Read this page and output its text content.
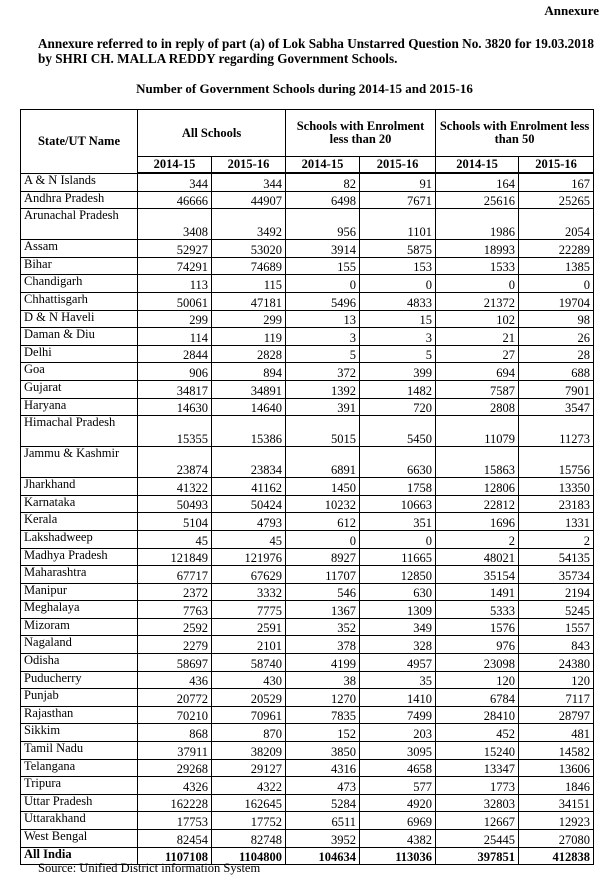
Annexure
Annexure referred to in reply of part (a) of Lok Sabha Unstarred Question No. 3820 for 19.03.2018 by SHRI CH. MALLA REDDY regarding Government Schools.
Number of Government Schools during 2014-15 and 2015-16
State/UT Name	All Schools		Schools with Enrolment less than 20		Schools with Enrolment less than 50	
	2014-15	2015-16	2014-15	2015-16	2014-15	2015-16
A & N Islands	344	344	82	91	164	167
Andhra Pradesh	46666	44907	6498	7671	25616	25265
Arunachal Pradesh	3408	3492	956	1101	1986	2054
Assam	52927	53020	3914	5875	18993	22289
Bihar	74291	74689	155	153	1533	1385
Chandigarh	113	115	0	0	0	0
Chhattisgarh	50061	47181	5496	4833	21372	19704
D & N Haveli	299	299	13	15	102	98
Daman & Diu	114	119	3	3	21	26
Delhi	2844	2828	5	5	27	28
Goa	906	894	372	399	694	688
Gujarat	34817	34891	1392	1482	7587	7901
Haryana	14630	14640	391	720	2808	3547
Himachal Pradesh	15355	15386	5015	5450	11079	11273
Jammu & Kashmir	23874	23834	6891	6630	15863	15756
Jharkhand	41322	41162	1450	1758	12806	13350
Karnataka	50493	50424	10232	10663	22812	23183
Kerala	5104	4793	612	351	1696	1331
Lakshadweep	45	45	0	0	2	2
Madhya Pradesh	121849	121976	8927	11665	48021	54135
Maharashtra	67717	67629	11707	12850	35154	35734
Manipur	2372	3332	546	630	1491	2194
Meghalaya	7763	7775	1367	1309	5333	5245
Mizoram	2592	2591	352	349	1576	1557
Nagaland	2279	2101	378	328	976	843
Odisha	58697	58740	4199	4957	23098	24380
Puducherry	436	430	38	35	120	120
Punjab	20772	20529	1270	1410	6784	7117
Rajasthan	70210	70961	7835	7499	28410	28797
Sikkim	868	870	152	203	452	481
Tamil Nadu	37911	38209	3850	3095	15240	14582
Telangana	29268	29127	4316	4658	13347	13606
Tripura	4326	4322	473	577	1773	1846
Uttar Pradesh	162228	162645	5284	4920	32803	34151
Uttarakhand	17753	17752	6511	6969	12667	12923
West Bengal	82454	82748	3952	4382	25445	27080
All India	1107108	1104800	104634	113036	397851	412838
Source: Unified District information System
